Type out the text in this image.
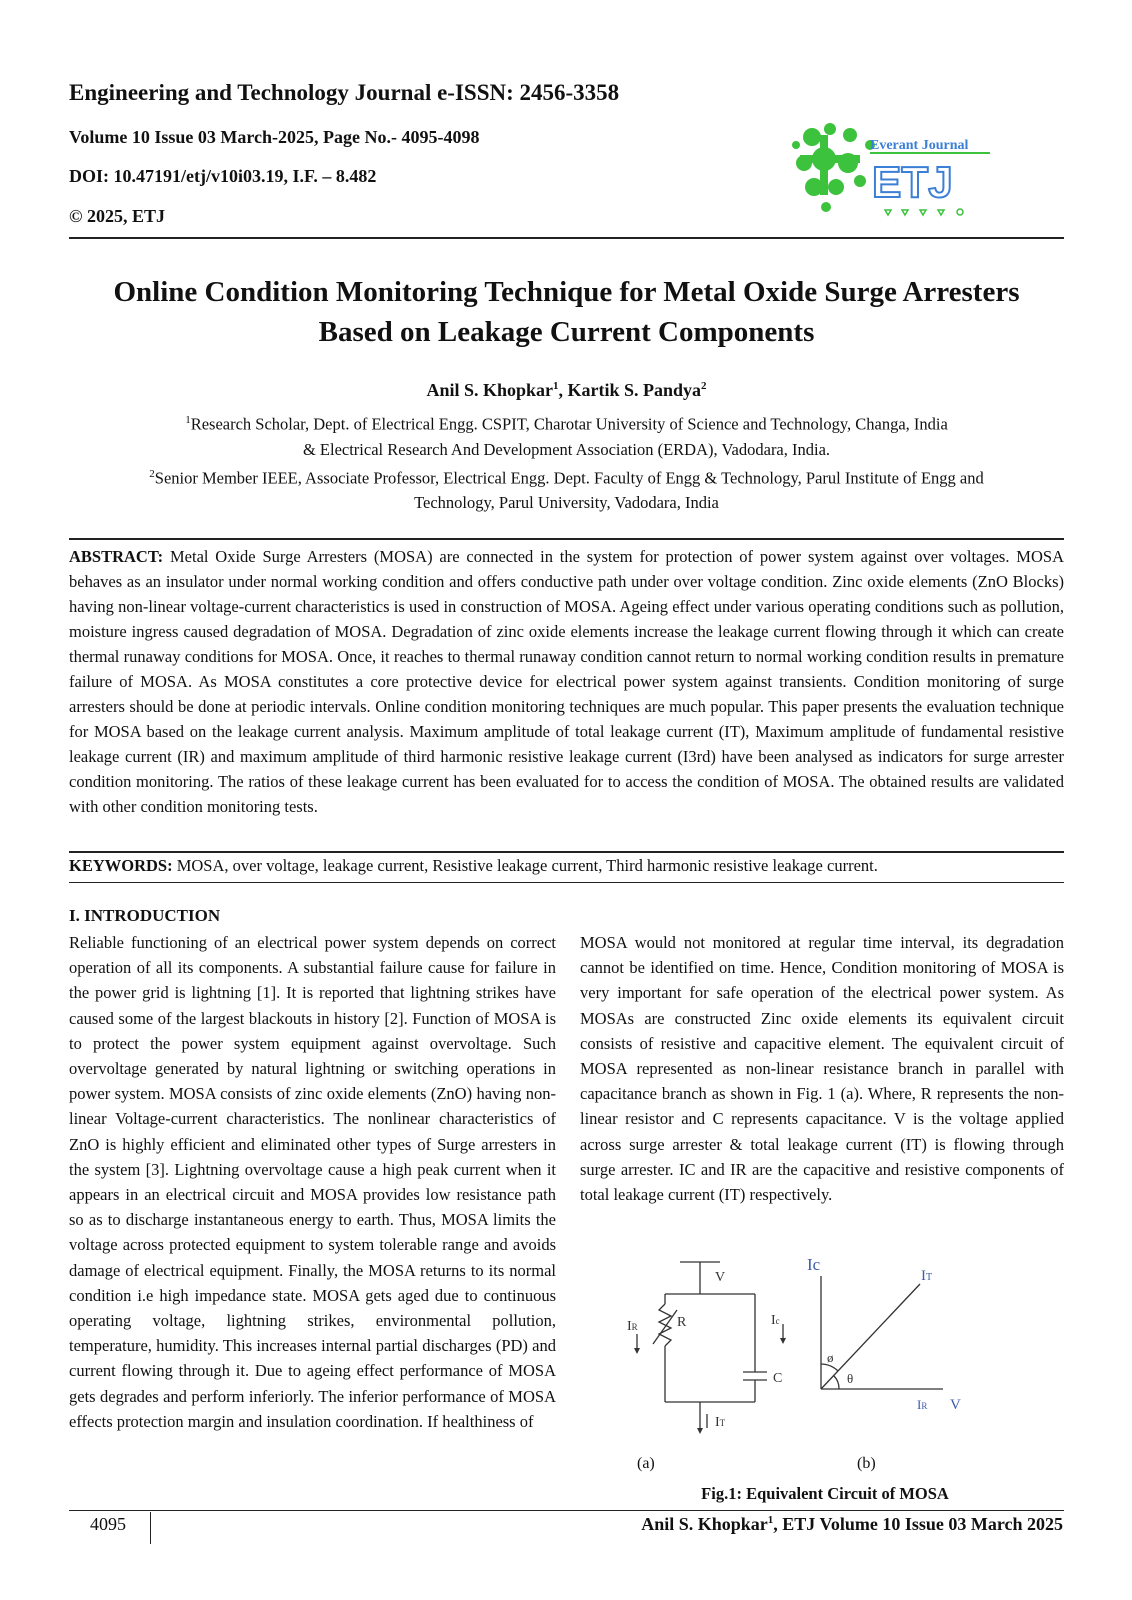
Engineering and Technology Journal e-ISSN: 2456-3358
Volume 10 Issue 03 March-2025, Page No.- 4095-4098
DOI: 10.47191/etj/v10i03.19, I.F. – 8.482
© 2025, ETJ
Everant Journal
ETJ
Online Condition Monitoring Technique for Metal Oxide Surge Arresters
Based on Leakage Current Components
Anil S. Khopkar$^1$, Kartik S. Pandya$^2$
$^1$Research Scholar, Dept. of Electrical Engg. CSPIT, Charotar University of Science and Technology, Changa, India
& Electrical Research And Development Association (ERDA), Vadodara, India.
$^2$Senior Member IEEE, Associate Professor, Electrical Engg. Dept. Faculty of Engg & Technology, Parul Institute of Engg and
Technology, Parul University, Vadodara, India
ABSTRACT: Metal Oxide Surge Arresters (MOSA) are connected in the system for protection of power system against over voltages. MOSA behaves as an insulator under normal working condition and offers conductive path under over voltage condition. Zinc oxide elements (ZnO Blocks) having non-linear voltage-current characteristics is used in construction of MOSA. Ageing effect under various operating conditions such as pollution, moisture ingress caused degradation of MOSA. Degradation of zinc oxide elements increase the leakage current flowing through it which can create thermal runaway conditions for MOSA. Once, it reaches to thermal runaway condition cannot return to normal working condition results in premature failure of MOSA. As MOSA constitutes a core protective device for electrical power system against transients. Condition monitoring of surge arresters should be done at periodic intervals. Online condition monitoring techniques are much popular. This paper presents the evaluation technique for MOSA based on the leakage current analysis. Maximum amplitude of total leakage current (IT), Maximum amplitude of fundamental resistive leakage current (IR) and maximum amplitude of third harmonic resistive leakage current (I3rd) have been analysed as indicators for surge arrester condition monitoring. The ratios of these leakage current has been evaluated for to access the condition of MOSA. The obtained results are validated with other condition monitoring tests.
KEYWORDS: MOSA, over voltage, leakage current, Resistive leakage current, Third harmonic resistive leakage current.
I. INTRODUCTION
Reliable functioning of an electrical power system depends on correct operation of all its components. A substantial failure cause for failure in the power grid is lightning [1]. It is reported that lightning strikes have caused some of the largest blackouts in history [2]. Function of MOSA is to protect the power system equipment against overvoltage. Such overvoltage generated by natural lightning or switching operations in power system. MOSA consists of zinc oxide elements (ZnO) having non-linear Voltage-current characteristics. The nonlinear characteristics of ZnO is highly efficient and eliminated other types of Surge arresters in the system [3]. Lightning overvoltage cause a high peak current when it appears in an electrical circuit and MOSA provides low resistance path so as to discharge instantaneous energy to earth. Thus, MOSA limits the voltage across protected equipment to system tolerable range and avoids damage of electrical equipment. Finally, the MOSA returns to its normal condition i.e high impedance state. MOSA gets aged due to continuous operating voltage, lightning strikes, environmental pollution, temperature, humidity. This increases internal partial discharges (PD) and current flowing through it. Due to ageing effect performance of MOSA gets degrades and perform inferiorly. The inferior performance of MOSA effects protection margin and insulation coordination. If healthiness of
MOSA would not monitored at regular time interval, its degradation cannot be identified on time. Hence, Condition monitoring of MOSA is very important for safe operation of the electrical power system. As MOSAs are constructed Zinc oxide elements its equivalent circuit consists of resistive and capacitive element. The equivalent circuit of MOSA represented as non-linear resistance branch in parallel with capacitance branch as shown in Fig. 1 (a). Where, R represents the non-linear resistor and C represents capacitance. V is the voltage applied across surge arrester & total leakage current (IT) is flowing through surge arrester. IC and IR are the capacitive and resistive components of total leakage current (IT) respectively.
V
R
C
IR	Ic
IT
Ic
IT
IR V
ø
θ
(a)	(b)
Fig.1: Equivalent Circuit of MOSA
4095	Anil S. Khopkar$^1$, ETJ Volume 10 Issue 03 March 2025
